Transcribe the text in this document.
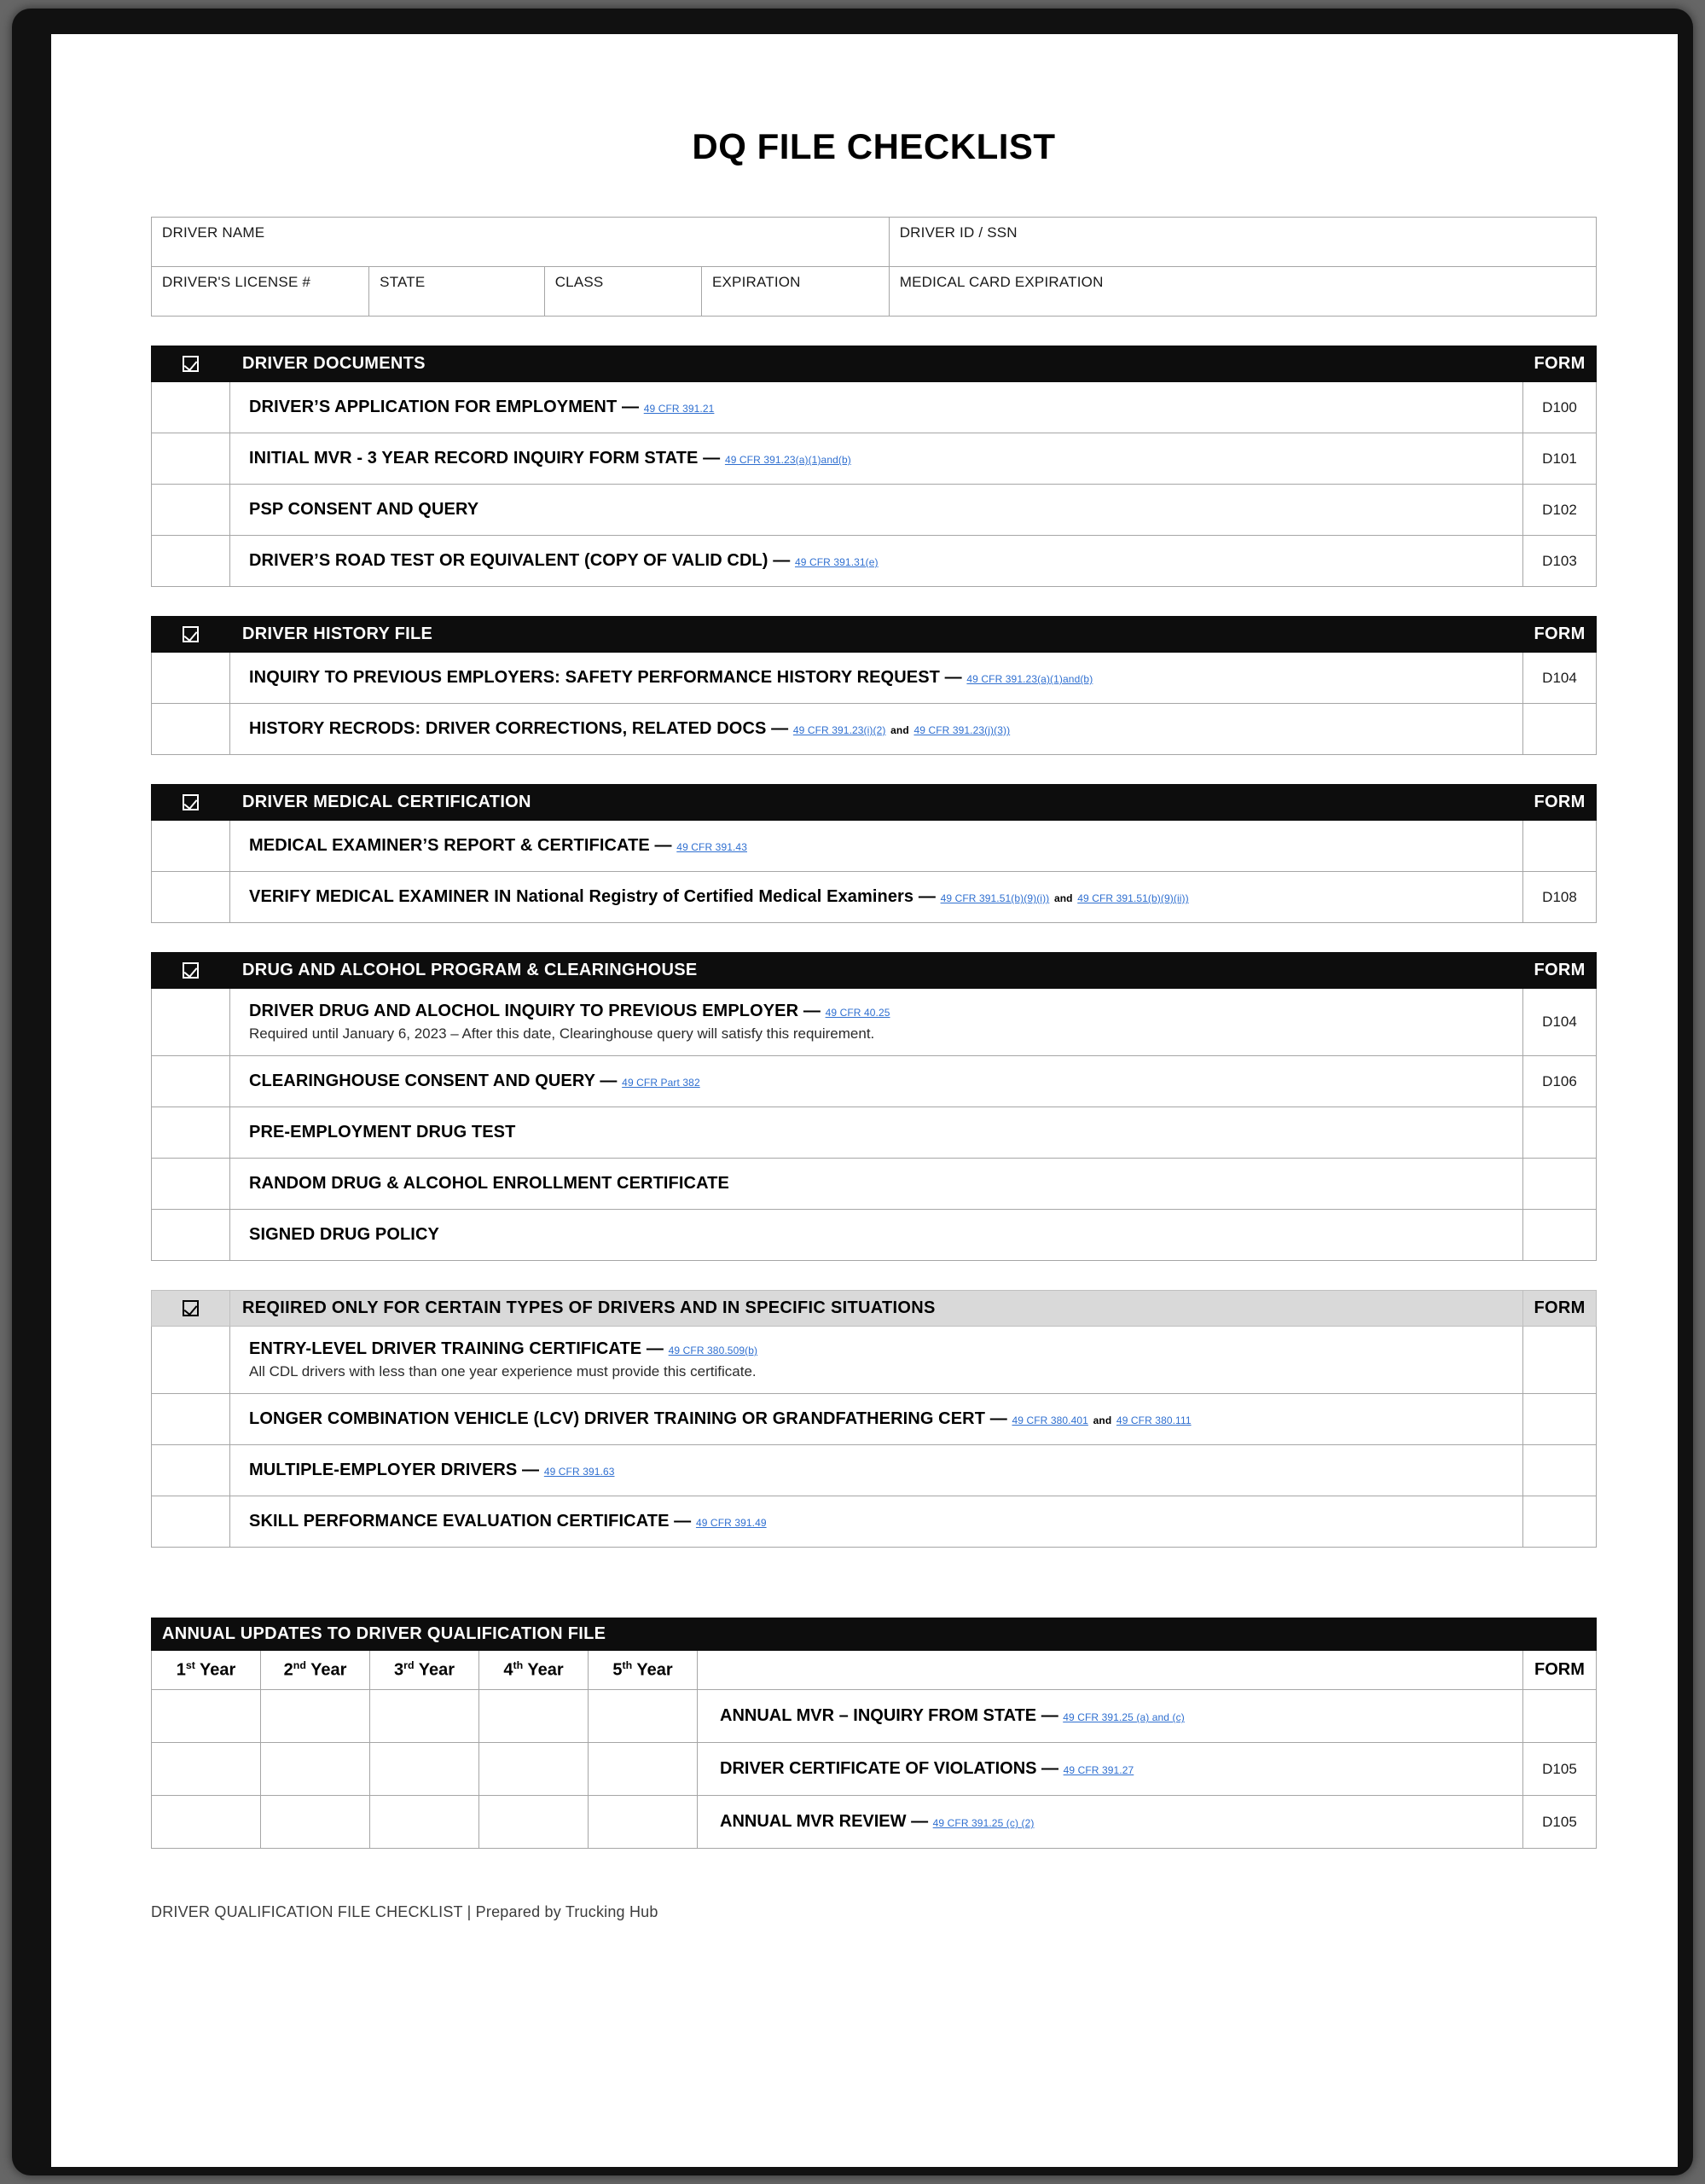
DQ FILE CHECKLIST
DRIVER NAME				DRIVER ID / SSN
DRIVER'S LICENSE #	STATE	CLASS	EXPIRATION	MEDICAL CARD EXPIRATION
	DRIVER DOCUMENTS	FORM

	DRIVER’S APPLICATION FOR EMPLOYMENT — 49 CFR 391.21	D100

	INITIAL MVR - 3 YEAR RECORD INQUIRY FORM STATE — 49 CFR 391.23(a)(1)and(b)	D101

	PSP CONSENT AND QUERY	D102

	DRIVER’S ROAD TEST OR EQUIVALENT (COPY OF VALID CDL) — 49 CFR 391.31(e)	D103
	DRIVER HISTORY FILE	FORM

	INQUIRY TO PREVIOUS EMPLOYERS: SAFETY PERFORMANCE HISTORY REQUEST — 49 CFR 391.23(a)(1)and(b)	D104

	HISTORY RECRODS: DRIVER CORRECTIONS, RELATED DOCS — 49 CFR 391.23(i)(2) and 49 CFR 391.23(j)(3))	

	DRIVER MEDICAL CERTIFICATION	FORM

	MEDICAL EXAMINER’S REPORT & CERTIFICATE — 49 CFR 391.43	

	VERIFY MEDICAL EXAMINER IN National Registry of Certified Medical Examiners — 49 CFR 391.51(b)(9)(i)) and 49 CFR 391.51(b)(9)(ii))	D108
	DRUG AND ALCOHOL PROGRAM & CLEARINGHOUSE	FORM

	DRIVER DRUG AND ALOCHOL INQUIRY TO PREVIOUS EMPLOYER — 49 CFR 40.25
Required until January 6, 2023 – After this date, Clearinghouse query will satisfy this requirement.	D104

	CLEARINGHOUSE CONSENT AND QUERY — 49 CFR Part 382	D106

	PRE-EMPLOYMENT DRUG TEST	

	RANDOM DRUG & ALCOHOL ENROLLMENT CERTIFICATE	

	SIGNED DRUG POLICY	

	REQIIRED ONLY FOR CERTAIN TYPES OF DRIVERS AND IN SPECIFIC SITUATIONS	FORM

	ENTRY-LEVEL DRIVER TRAINING CERTIFICATE — 49 CFR 380.509(b)
All CDL drivers with less than one year experience must provide this certificate.	

	LONGER COMBINATION VEHICLE (LCV) DRIVER TRAINING OR GRANDFATHERING CERT — 49 CFR 380.401 and 49 CFR 380.111	

	MULTIPLE-EMPLOYER DRIVERS — 49 CFR 391.63	

	SKILL PERFORMANCE EVALUATION CERTIFICATE — 49 CFR 391.49	

ANNUAL UPDATES TO DRIVER QUALIFICATION FILE						
1st Year	2nd Year	3rd Year	4th Year	5th Year		FORM
					ANNUAL MVR – INQUIRY FROM STATE — 49 CFR 391.25 (a) and (c)	
					DRIVER CERTIFICATE OF VIOLATIONS — 49 CFR 391.27	D105
					ANNUAL MVR REVIEW — 49 CFR 391.25 (c) (2)	D105
DRIVER QUALIFICATION FILE CHECKLIST | Prepared by Trucking Hub
